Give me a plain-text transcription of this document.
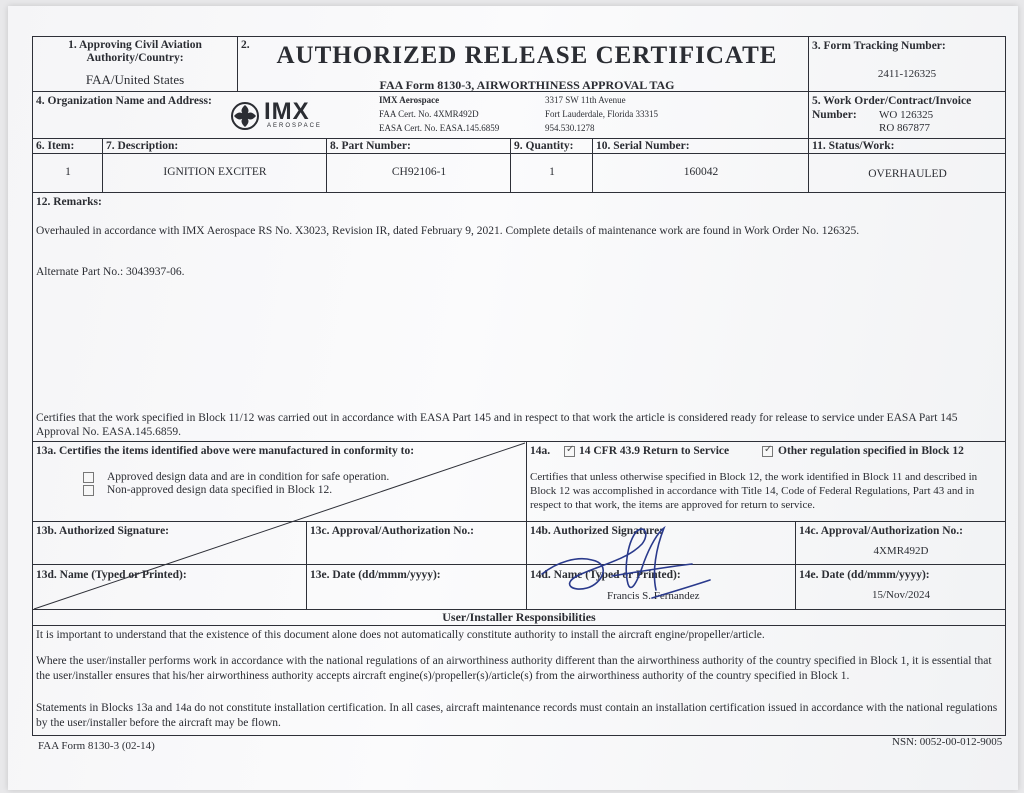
1. Approving Civil Aviation Authority/Country:
FAA/United States
2.	AUTHORIZED RELEASE CERTIFICATE
FAA Form 8130-3, AIRWORTHINESS APPROVAL TAG
3. Form Tracking Number:
2411-126325
4. Organization Name and Address: IMX
AEROSPACE
IMX Aerospace
FAA Cert. No. 4XMR492D
EASA Cert. No. EASA.145.6859
3317 SW 11th Avenue
Fort Lauderdale, Florida 33315
954.530.1278
5. Work Order/Contract/Invoice
Number: WO 126325
RO 867877
6. Item:	7. Description:	8. Part Number:	9. Quantity: 10. Serial Number:	11. Status/Work:
1	IGNITION EXCITER	CH92106-1	1	160042	OVERHAULED
12. Remarks:
Overhauled in accordance with IMX Aerospace RS No. X3023, Revision IR, dated February 9, 2021. Complete details of maintenance work are found in Work Order No. 126325.
Alternate Part No.: 3043937-06.
Certifies that the work specified in Block 11/12 was carried out in accordance with EASA Part 145 and in respect to that work the article is considered ready for release to service under EASA Part 145 Approval No. EASA.145.6859.
13a. Certifies the items identified above were manufactured in conformity to:
Approved design data and are in condition for safe operation.
Non-approved design data specified in Block 12.
14a. ✓	14 CFR 43.9 Return to Service ✓	Other regulation specified in Block 12
Certifies that unless otherwise specified in Block 12, the work identified in Block 11 and described in Block 12 was accomplished in accordance with Title 14, Code of Federal Regulations, Part 43 and in respect to that work, the items are approved for return to service.
13b. Authorized Signature:	13c. Approval/Authorization No.:	14b. Authorized Signature:	14c. Approval/Authorization No.:
4XMR492D
13d. Name (Typed or Printed):	13e. Date (dd/mmm/yyyy):	14d. Name (Typed or Printed):
Francis S. Fernandez
14e. Date (dd/mmm/yyyy):
15/Nov/2024
User/Installer Responsibilities
It is important to understand that the existence of this document alone does not automatically constitute authority to install the aircraft engine/propeller/article.
Where the user/installer performs work in accordance with the national regulations of an airworthiness authority different than the airworthiness authority of the country specified in Block 1, it is essential that the user/installer ensures that his/her airworthiness authority accepts aircraft engine(s)/propeller(s)/article(s) from the airworthiness authority of the country specified in Block 1.
Statements in Blocks 13a and 14a do not constitute installation certification. In all cases, aircraft maintenance records must contain an installation certification issued in accordance with the national regulations by the user/installer before the aircraft may be flown.
FAA Form 8130-3 (02-14)	NSN: 0052-00-012-9005
